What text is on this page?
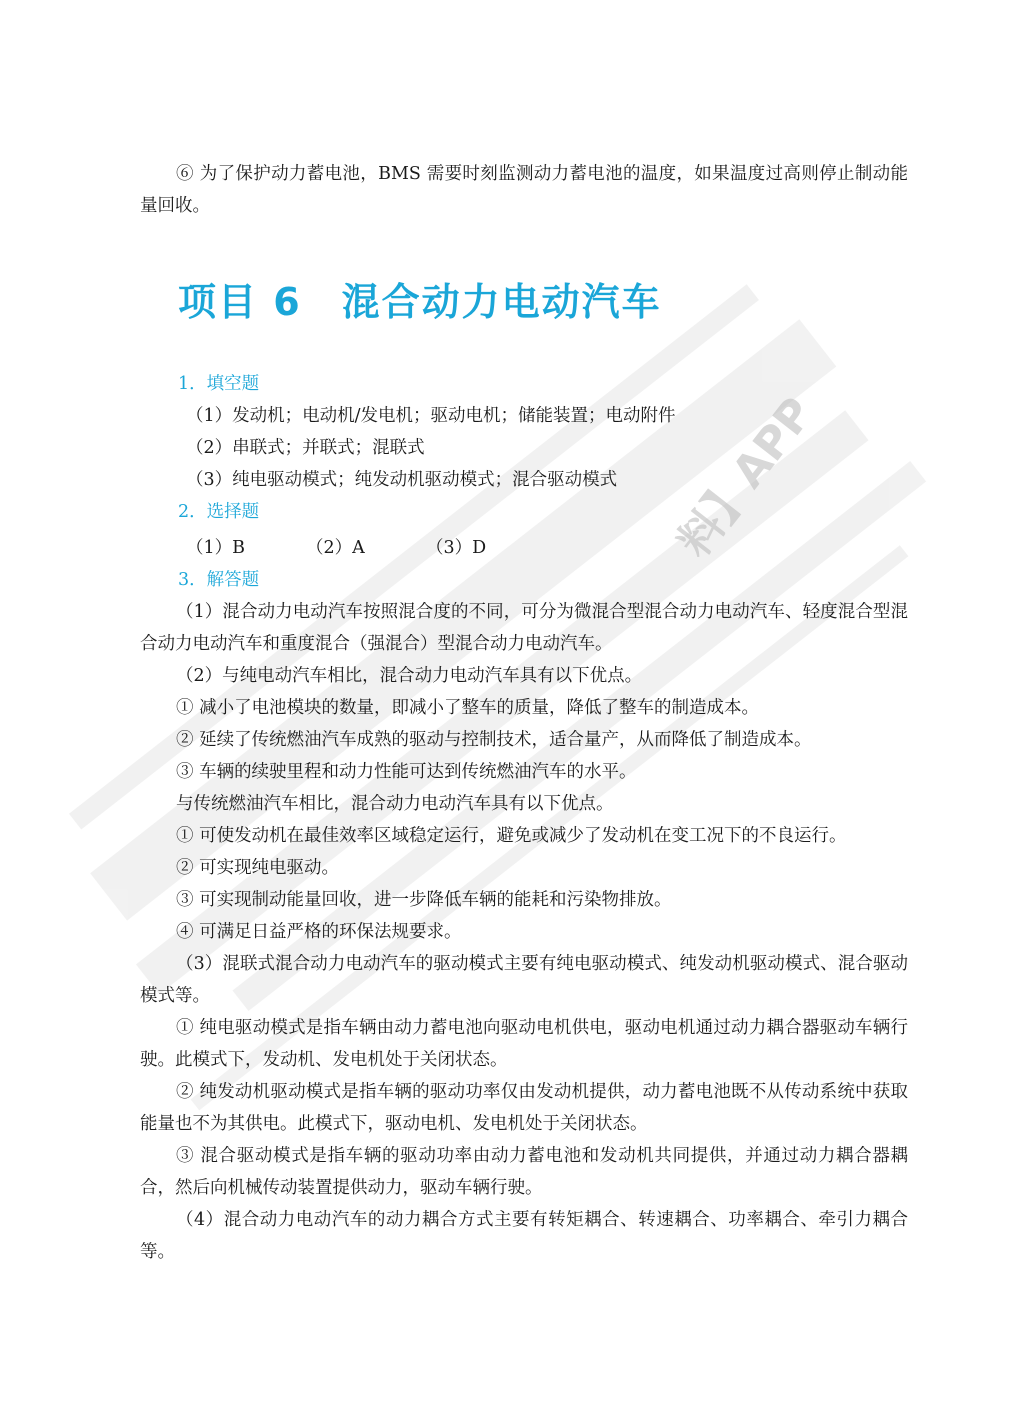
料】APP

⑥ 为了保护动力蓄电池，BMS 需要时刻监测动力蓄电池的温度，如果温度过高则停止制动能量回收。

项目 6 混合动力电动汽车

1．填空题

（1）发动机；电动机/发电机；驱动电机；储能装置；电动附件

（2）串联式；并联式；混联式

（3）纯电驱动模式；纯发动机驱动模式；混合驱动模式

2．选择题

（1）B	（2）A	（3）D

3．解答题

（1）混合动力电动汽车按照混合度的不同，可分为微混合型混合动力电动汽车、轻度混合型混合动力电动汽车和重度混合（强混合）型混合动力电动汽车。

（2）与纯电动汽车相比，混合动力电动汽车具有以下优点。

① 减小了电池模块的数量，即减小了整车的质量，降低了整车的制造成本。

② 延续了传统燃油汽车成熟的驱动与控制技术，适合量产，从而降低了制造成本。

③ 车辆的续驶里程和动力性能可达到传统燃油汽车的水平。

与传统燃油汽车相比，混合动力电动汽车具有以下优点。

① 可使发动机在最佳效率区域稳定运行，避免或减少了发动机在变工况下的不良运行。

② 可实现纯电驱动。

③ 可实现制动能量回收，进一步降低车辆的能耗和污染物排放。

④ 可满足日益严格的环保法规要求。

（3）混联式混合动力电动汽车的驱动模式主要有纯电驱动模式、纯发动机驱动模式、混合驱动模式等。

① 纯电驱动模式是指车辆由动力蓄电池向驱动电机供电，驱动电机通过动力耦合器驱动车辆行驶。此模式下，发动机、发电机处于关闭状态。

② 纯发动机驱动模式是指车辆的驱动功率仅由发动机提供，动力蓄电池既不从传动系统中获取能量也不为其供电。此模式下，驱动电机、发电机处于关闭状态。

③ 混合驱动模式是指车辆的驱动功率由动力蓄电池和发动机共同提供，并通过动力耦合器耦合，然后向机械传动装置提供动力，驱动车辆行驶。

（4）混合动力电动汽车的动力耦合方式主要有转矩耦合、转速耦合、功率耦合、牵引力耦合等。
